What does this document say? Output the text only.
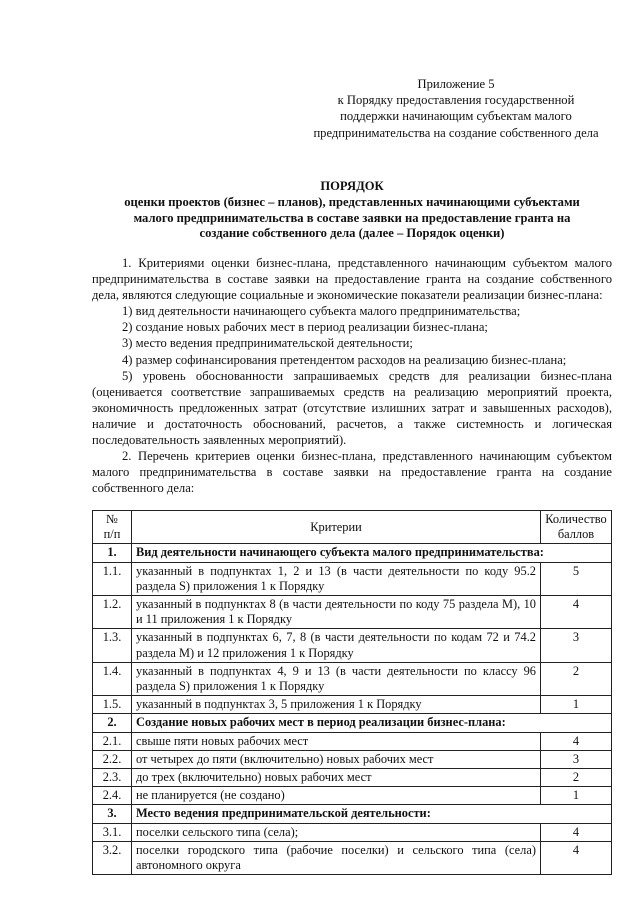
Приложение 5
к Порядку предоставления государственной
поддержки начинающим субъектам малого
предпринимательства на создание собственного дела
ПОРЯДОК
оценки проектов (бизнес – планов), представленных начинающими субъектами
малого предпринимательства в составе заявки на предоставление гранта на
создание собственного дела (далее – Порядок оценки)

1. Критериями оценки бизнес-плана, представленного начинающим субъектом малого предпринимательства в составе заявки на предоставление гранта на создание собственного дела, являются следующие социальные и экономические показатели реализации бизнес-плана:

1) вид деятельности начинающего субъекта малого предпринимательства;

2) создание новых рабочих мест в период реализации бизнес-плана;

3) место ведения предпринимательской деятельности;

4) размер софинансирования претендентом расходов на реализацию бизнес-плана;

5) уровень обоснованности запрашиваемых средств для реализации бизнес-плана (оценивается соответствие запрашиваемых средств на реализацию мероприятий проекта, экономичность предложенных затрат (отсутствие излишних затрат и завышенных расходов), наличие и достаточность обоснований, расчетов, а также системность и логическая последовательность заявленных мероприятий).

2. Перечень критериев оценки бизнес-плана, представленного начинающим субъектом малого предпринимательства в составе заявки на предоставление гранта на создание собственного дела:

№
п/п	Критерии	Количество
баллов
1.	Вид деятельности начинающего субъекта малого предпринимательства:	
1.1.	указанный в подпунктах 1, 2 и 13 (в части деятельности по коду 95.2 раздела S) приложения 1 к Порядку	5
1.2.	указанный в подпунктах 8 (в части деятельности по коду 75 раздела M), 10 и 11 приложения 1 к Порядку	4
1.3.	указанный в подпунктах 6, 7, 8 (в части деятельности по кодам 72 и 74.2 раздела M) и 12 приложения 1 к Порядку	3
1.4.	указанный в подпунктах 4, 9 и 13 (в части деятельности по классу 96 раздела S) приложения 1 к Порядку	2
1.5.	указанный в подпунктах 3, 5 приложения 1 к Порядку	1
2.	Создание новых рабочих мест в период реализации бизнес-плана:	
2.1.	свыше пяти новых рабочих мест	4
2.2.	от четырех до пяти (включительно) новых рабочих мест	3
2.3.	до трех (включительно) новых рабочих мест	2
2.4.	не планируется (не создано)	1
3.	Место ведения предпринимательской деятельности:	
3.1.	поселки сельского типа (села);	4
3.2.	поселки городского типа (рабочие поселки) и сельского типа (села) автономного округа	4
